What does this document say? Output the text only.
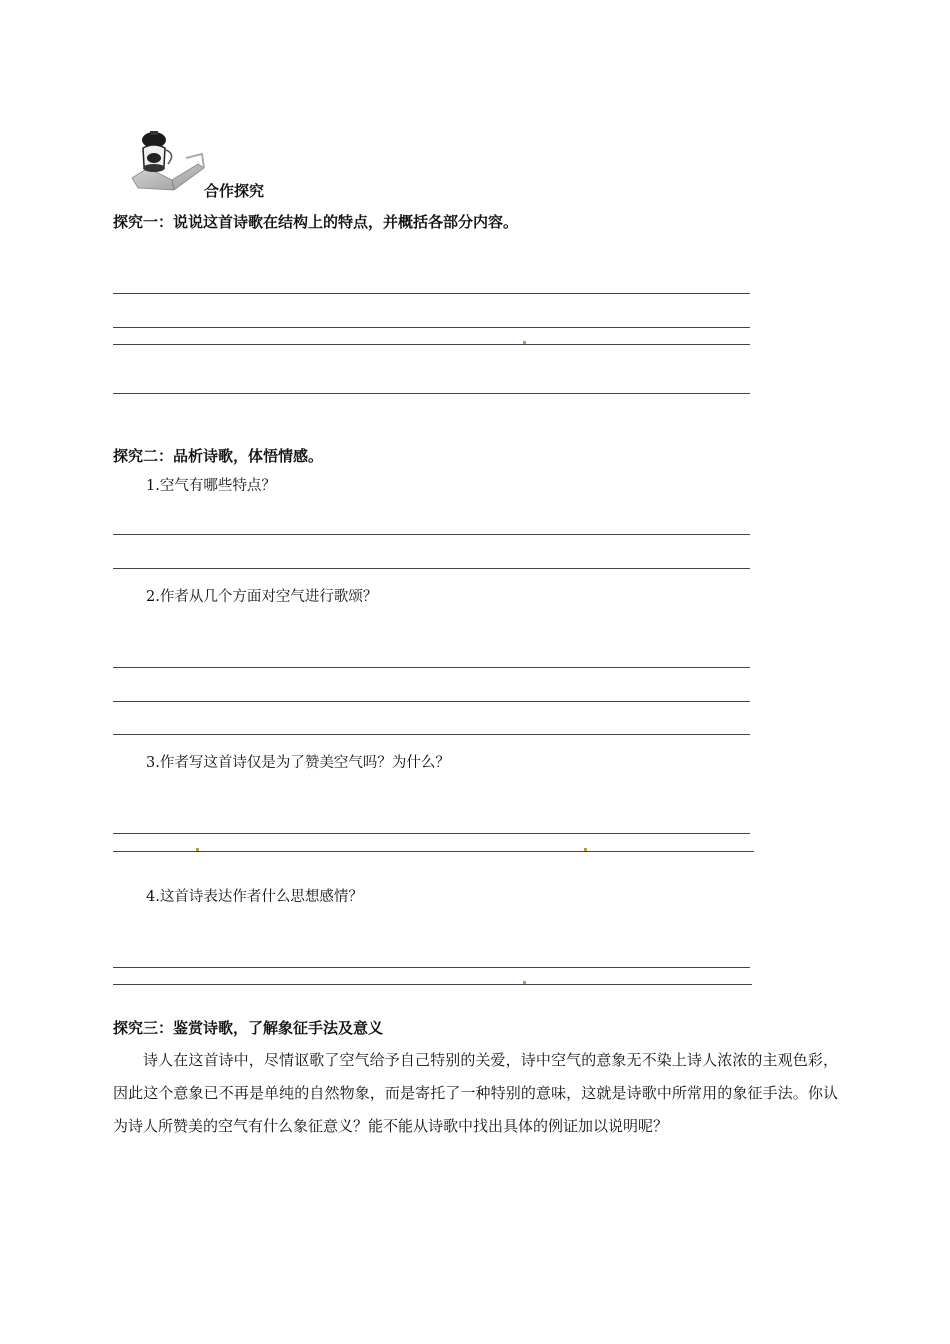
合作探究
探究一：说说这首诗歌在结构上的特点，并概括各部分内容。
探究二：品析诗歌，体悟情感。
1.空气有哪些特点？
2.作者从几个方面对空气进行歌颂？
3.作者写这首诗仅是为了赞美空气吗？为什么？
4.这首诗表达作者什么思想感情？
探究三：鉴赏诗歌，了解象征手法及意义
诗人在这首诗中，尽情讴歌了空气给予自己特别的关爱，诗中空气的意象无不染上诗人浓浓的主观色彩，因此这个意象已不再是单纯的自然物象，而是寄托了一种特别的意味，这就是诗歌中所常用的象征手法。你认为诗人所赞美的空气有什么象征意义？能不能从诗歌中找出具体的例证加以说明呢？
